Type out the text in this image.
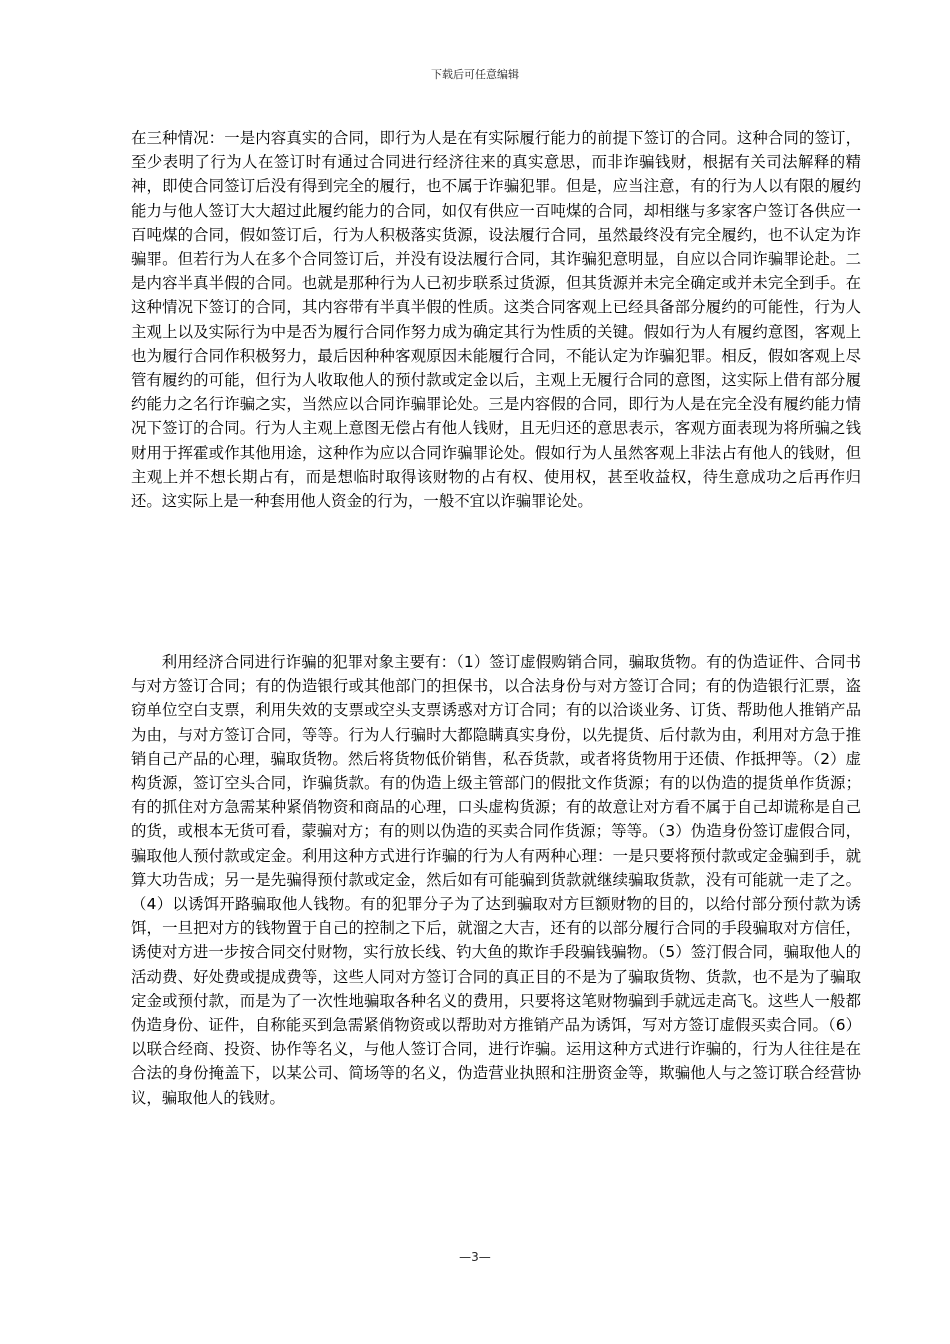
下载后可任意编辑

在三种情况：一是内容真实的合同，即行为人是在有实际履行能力的前提下签订的合同。这种合同的签订，至少表明了行为人在签订时有通过合同进行经济往来的真实意思，而非诈骗钱财，根据有关司法解释的精神，即使合同签订后没有得到完全的履行，也不属于诈骗犯罪。但是，应当注意，有的行为人以有限的履约能力与他人签订大大超过此履约能力的合同，如仅有供应一百吨煤的合同，却相继与多家客户签订各供应一百吨煤的合同，假如签订后，行为人积极落实货源，设法履行合同，虽然最终没有完全履约，也不认定为诈骗罪。但若行为人在多个合同签订后，并没有设法履行合同，其诈骗犯意明显，自应以合同诈骗罪论赴。二是内容半真半假的合同。也就是那种行为人已初步联系过货源，但其货源并未完全确定或并未完全到手。在这种情况下签订的合同，其内容带有半真半假的性质。这类合同客观上已经具备部分履约的可能性，行为人主观上以及实际行为中是否为履行合同作努力成为确定其行为性质的关键。假如行为人有履约意图，客观上也为履行合同作积极努力，最后因种种客观原因未能履行合同，不能认定为诈骗犯罪。相反，假如客观上尽管有履约的可能，但行为人收取他人的预付款或定金以后，主观上无履行合同的意图，这实际上借有部分履约能力之名行诈骗之实，当然应以合同诈骗罪论处。三是内容假的合同，即行为人是在完全没有履约能力情况下签订的合同。行为人主观上意图无偿占有他人钱财，且无归还的意思表示，客观方面表现为将所骗之钱财用于挥霍或作其他用途，这种作为应以合同诈骗罪论处。假如行为人虽然客观上非法占有他人的钱财，但主观上并不想长期占有，而是想临时取得该财物的占有权、使用权，甚至收益权，待生意成功之后再作归还。这实际上是一种套用他人资金的行为，一般不宜以诈骗罪论处。

利用经济合同进行诈骗的犯罪对象主要有：（1）签订虚假购销合同，骗取货物。有的伪造证件、合同书与对方签订合同；有的伪造银行或其他部门的担保书，以合法身份与对方签订合同；有的伪造银行汇票，盗窃单位空白支票，利用失效的支票或空头支票诱惑对方订合同；有的以洽谈业务、订货、帮助他人推销产品为由，与对方签订合同，等等。行为人行骗时大都隐瞒真实身份，以先提货、后付款为由，利用对方急于推销自己产品的心理，骗取货物。然后将货物低价销售，私吞货款，或者将货物用于还债、作抵押等。（2）虚构货源，签订空头合同，诈骗货款。有的伪造上级主管部门的假批文作货源；有的以伪造的提货单作货源；有的抓住对方急需某种紧俏物资和商品的心理，口头虚构货源；有的故意让对方看不属于自己却谎称是自己的货，或根本无货可看，蒙骗对方；有的则以伪造的买卖合同作货源；等等。（3）伪造身份签订虚假合同，骗取他人预付款或定金。利用这种方式进行诈骗的行为人有两种心理：一是只要将预付款或定金骗到手，就算大功告成；另一是先骗得预付款或定金，然后如有可能骗到货款就继续骗取货款，没有可能就一走了之。（4）以诱饵开路骗取他人钱物。有的犯罪分子为了达到骗取对方巨额财物的目的，以给付部分预付款为诱饵，一旦把对方的钱物置于自己的控制之下后，就溜之大吉，还有的以部分履行合同的手段骗取对方信任，诱使对方进一步按合同交付财物，实行放长线、钓大鱼的欺诈手段骗钱骗物。（5）签汀假合同，骗取他人的活动费、好处费或提成费等，这些人同对方签订合同的真正目的不是为了骗取货物、货款，也不是为了骗取定金或预付款，而是为了一次性地骗取各种名义的费用，只要将这笔财物骗到手就远走高飞。这些人一般都伪造身份、证件，自称能买到急需紧俏物资或以帮助对方推销产品为诱饵，写对方签订虚假买卖合同。（6）以联合经商、投资、协作等名义，与他人签订合同，进行诈骗。运用这种方式进行诈骗的，行为人往往是在合法的身份掩盖下，以某公司、简场等的名义，伪造营业执照和注册资金等，欺骗他人与之签订联合经营协议，骗取他人的钱财。

—3—
